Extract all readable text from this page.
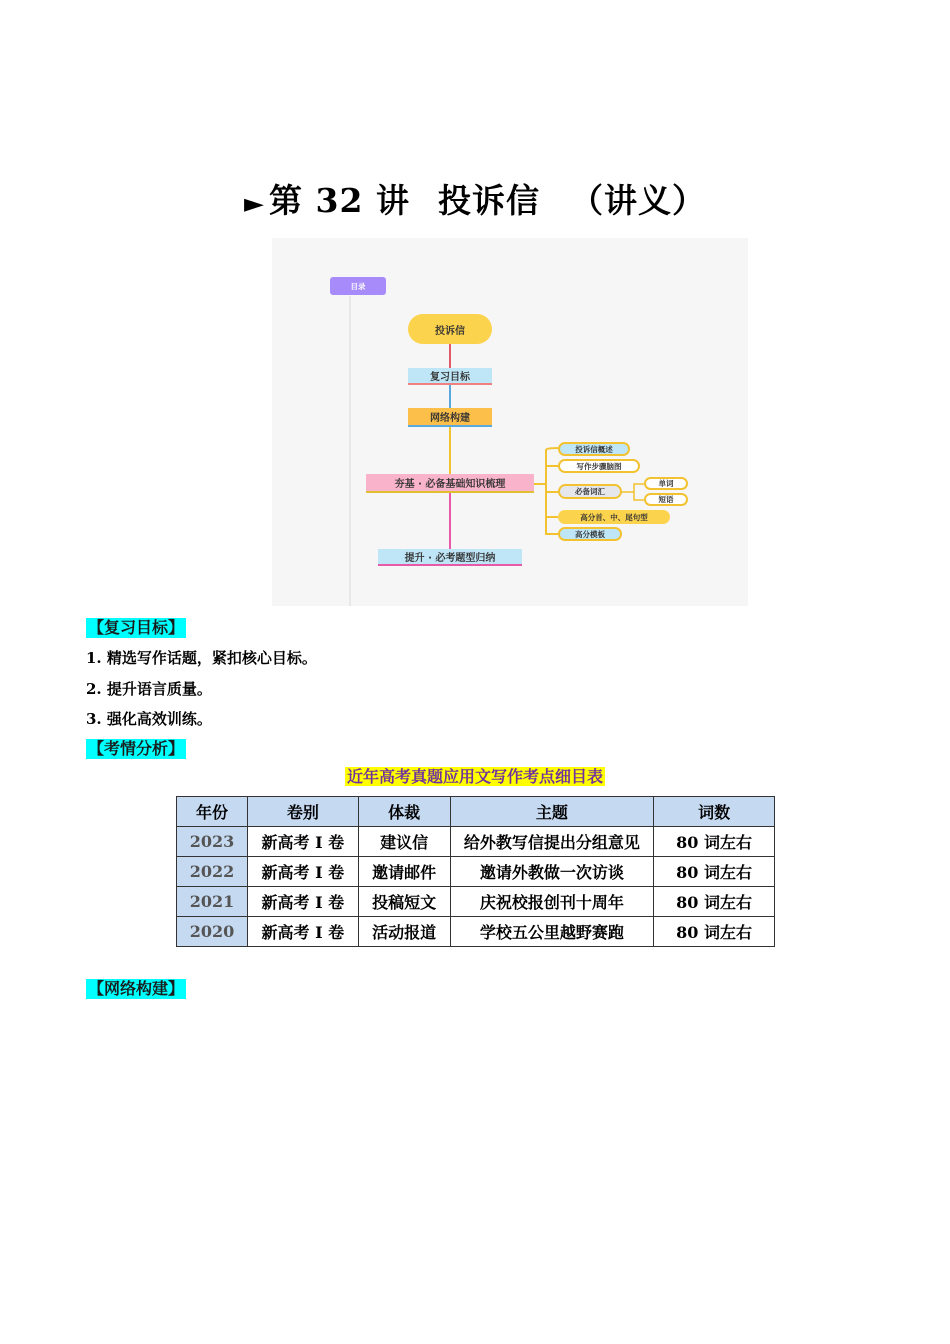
► 第 32 讲 投诉信 （讲义）
目录
投诉信
复习目标
网络构建
夯基 · 必备基础知识梳理
投诉信概述
写作步骤脑图
必备词汇
单词
短语
高分首、中、尾句型
高分模板
提升 · 必考题型归纳
【复习目标】
1. 精选写作话题，紧扣核心目标。
2. 提升语言质量。
3. 强化高效训练。
【考情分析】
近年高考真题应用文写作考点细目表
年份	卷别	体裁	主题	词数
2023	新高考 I 卷	建议信	给外教写信提出分组意见	80 词左右
2022	新高考 I 卷	邀请邮件	邀请外教做一次访谈	80 词左右
2021	新高考 I 卷	投稿短文	庆祝校报创刊十周年	80 词左右
2020	新高考 I 卷	活动报道	学校五公里越野赛跑	80 词左右
【网络构建】
